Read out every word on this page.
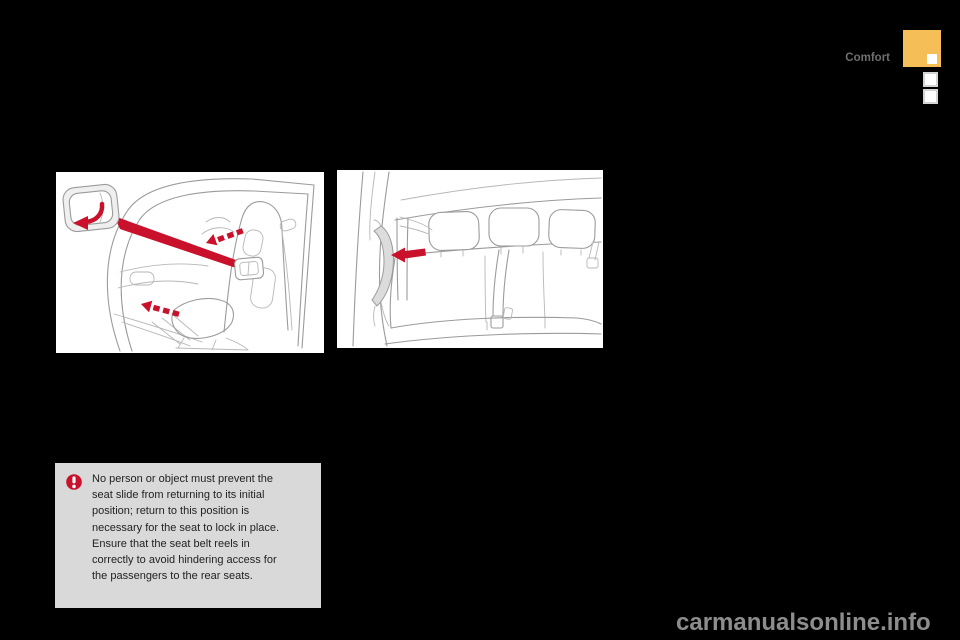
Comfort
No person or object must prevent the
seat slide from returning to its initial
position; return to this position is
necessary for the seat to lock in place.
Ensure that the seat belt reels in
correctly to avoid hindering access for
the passengers to the rear seats.
carmanualsonline.info
